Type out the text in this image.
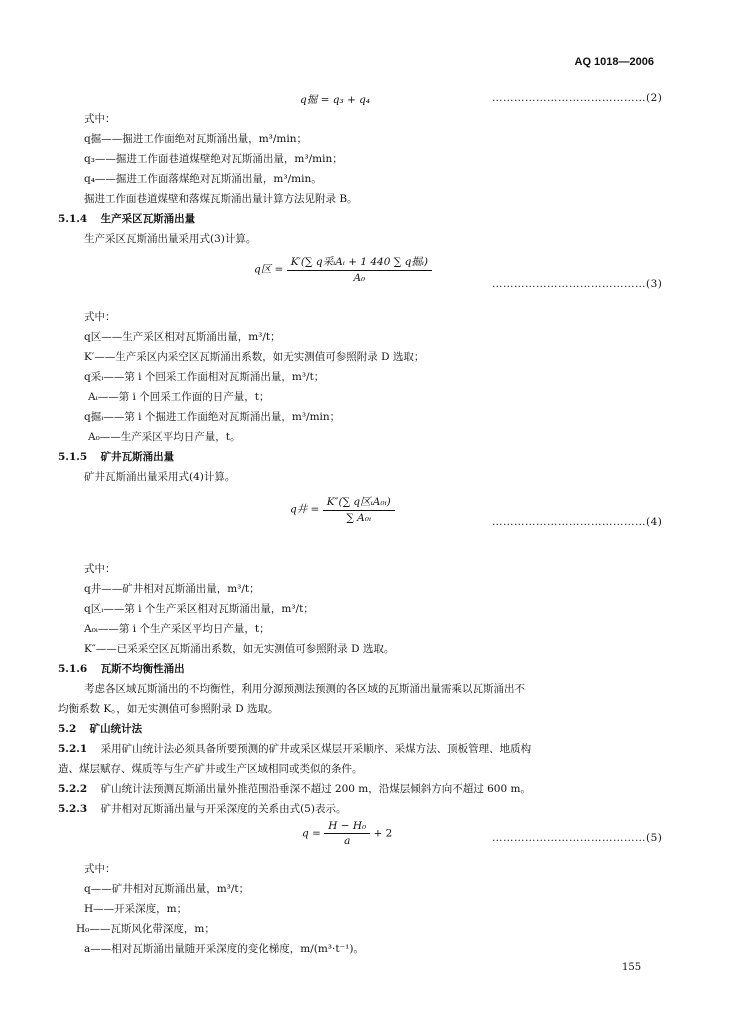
AQ 1018—2006
q掘 = q₃ + q₄	……………………………………(2)
式中：
q掘——掘进工作面绝对瓦斯涌出量，m³/min；
q₃——掘进工作面巷道煤壁绝对瓦斯涌出量，m³/min；
q₄——掘进工作面落煤绝对瓦斯涌出量，m³/min。
掘进工作面巷道煤壁和落煤瓦斯涌出量计算方法见附录 B。
5.1.4 生产采区瓦斯涌出量
生产采区瓦斯涌出量采用式(3)计算。
q区 = $\frac{\text{K′(∑ q采ᵢAᵢ + 1 440 ∑ q掘ᵢ)}}{\text{A₀}}$	……………………………………(3)
式中：
q区——生产采区相对瓦斯涌出量，m³/t；
K′——生产采区内采空区瓦斯涌出系数，如无实测值可参照附录 D 选取；
q采ᵢ——第 i 个回采工作面相对瓦斯涌出量，m³/t；
Aᵢ——第 i 个回采工作面的日产量，t；
q掘ᵢ——第 i 个掘进工作面绝对瓦斯涌出量，m³/min；
A₀——生产采区平均日产量，t。
5.1.5 矿井瓦斯涌出量
矿井瓦斯涌出量采用式(4)计算。
q井 = $\frac{\text{K″(∑ q区ᵢA₀ᵢ)}}{\text{∑ A₀ᵢ}}$	……………………………………(4)
式中：
q井——矿井相对瓦斯涌出量，m³/t；
q区ᵢ——第 i 个生产采区相对瓦斯涌出量，m³/t；
A₀ᵢ——第 i 个生产采区平均日产量，t；
K″——已采采空区瓦斯涌出系数，如无实测值可参照附录 D 选取。
5.1.6 瓦斯不均衡性涌出
考虑各区域瓦斯涌出的不均衡性，利用分源预测法预测的各区域的瓦斯涌出量需乘以瓦斯涌出不
均衡系数 K。，如无实测值可参照附录 D 选取。
5.2 矿山统计法
5.2.1 采用矿山统计法必须具备所要预测的矿井或采区煤层开采顺序、采煤方法、顶板管理、地质构
造、煤层赋存、煤质等与生产矿井或生产区域相同或类似的条件。
5.2.2 矿山统计法预测瓦斯涌出量外推范围沿垂深不超过 200 m，沿煤层倾斜方向不超过 600 m。
5.2.3 矿井相对瓦斯涌出量与开采深度的关系由式(5)表示。
$q = \frac{\text{H − H₀}}{a} + 2$	……………………………………(5)
式中：
q——矿井相对瓦斯涌出量，m³/t；
H——开采深度，m；
H₀——瓦斯风化带深度，m；
a——相对瓦斯涌出量随开采深度的变化梯度，m/(m³·t⁻¹)。
155
